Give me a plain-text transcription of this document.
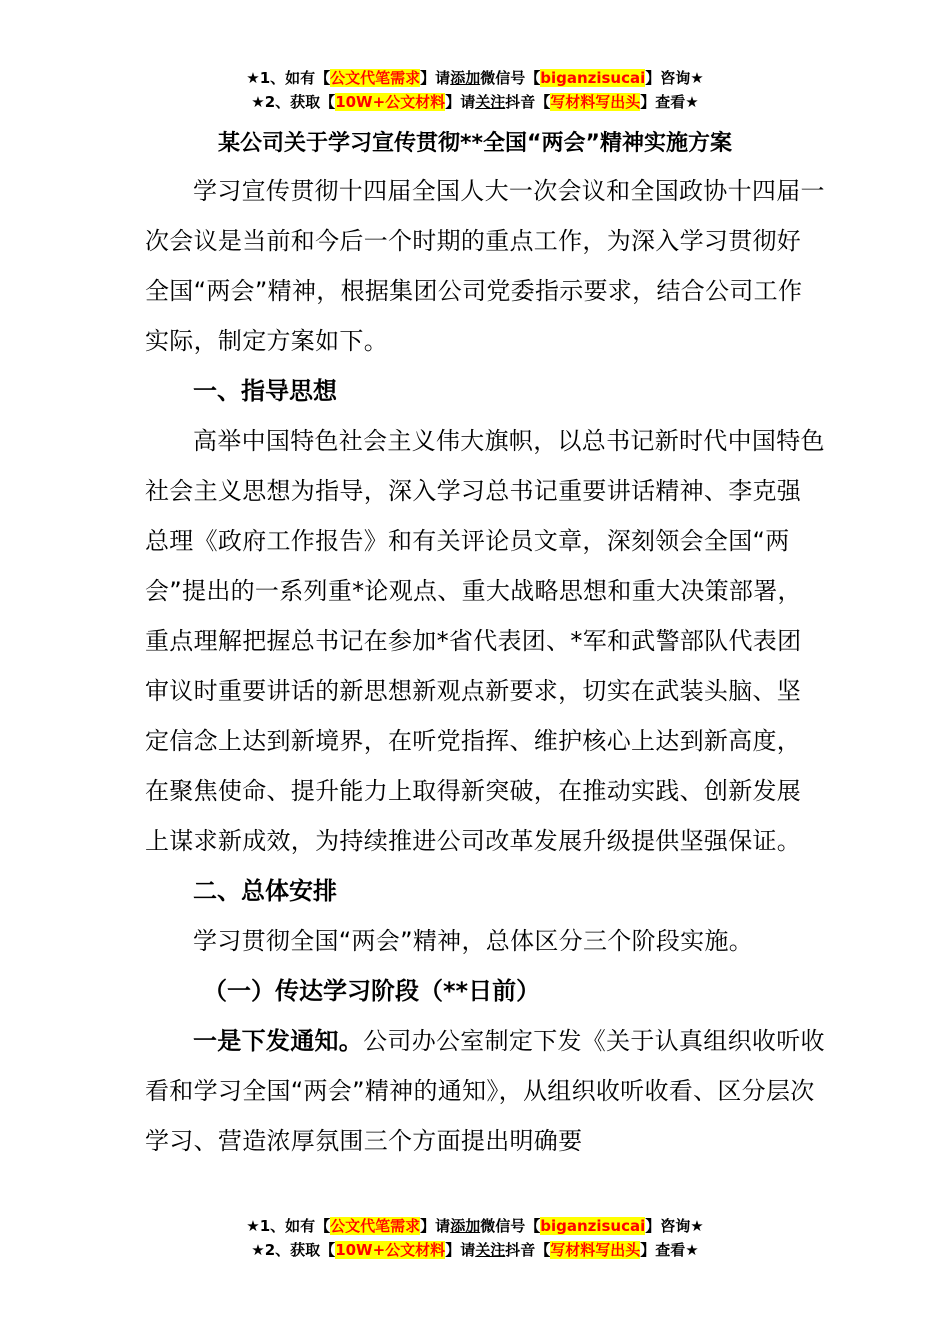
★1、如有【公文代笔需求】请添加微信号【biganzisucai】咨询★
★2、获取【10W+公文材料】请关注抖音【写材料写出头】查看★
某公司关于学习宣传贯彻**全国“两会”精神实施方案

学习宣传贯彻十四届全国人大一次会议和全国政协十四届一次会议是当前和今后一个时期的重点工作，为深入学习贯彻好全国“两会”精神，根据集团公司党委指示要求，结合公司工作实际，制定方案如下。

一、指导思想

高举中国特色社会主义伟大旗帜，以总书记新时代中国特色社会主义思想为指导，深入学习总书记重要讲话精神、李克强总理《政府工作报告》和有关评论员文章，深刻领会全国“两会”提出的一系列重*论观点、重大战略思想和重大决策部署，重点理解把握总书记在参加*省代表团、*军和武警部队代表团审议时重要讲话的新思想新观点新要求，切实在武装头脑、坚定信念上达到新境界，在听党指挥、维护核心上达到新高度，在聚焦使命、提升能力上取得新突破，在推动实践、创新发展上谋求新成效，为持续推进公司改革发展升级提供坚强保证。

二、总体安排

学习贯彻全国“两会”精神，总体区分三个阶段实施。

（一）传达学习阶段（**日前）

一是下发通知。公司办公室制定下发《关于认真组织收听收看和学习全国“两会”精神的通知》，从组织收听收看、区分层次学习、营造浓厚氛围三个方面提出明确要

★1、如有【公文代笔需求】请添加微信号【biganzisucai】咨询★
★2、获取【10W+公文材料】请关注抖音【写材料写出头】查看★
